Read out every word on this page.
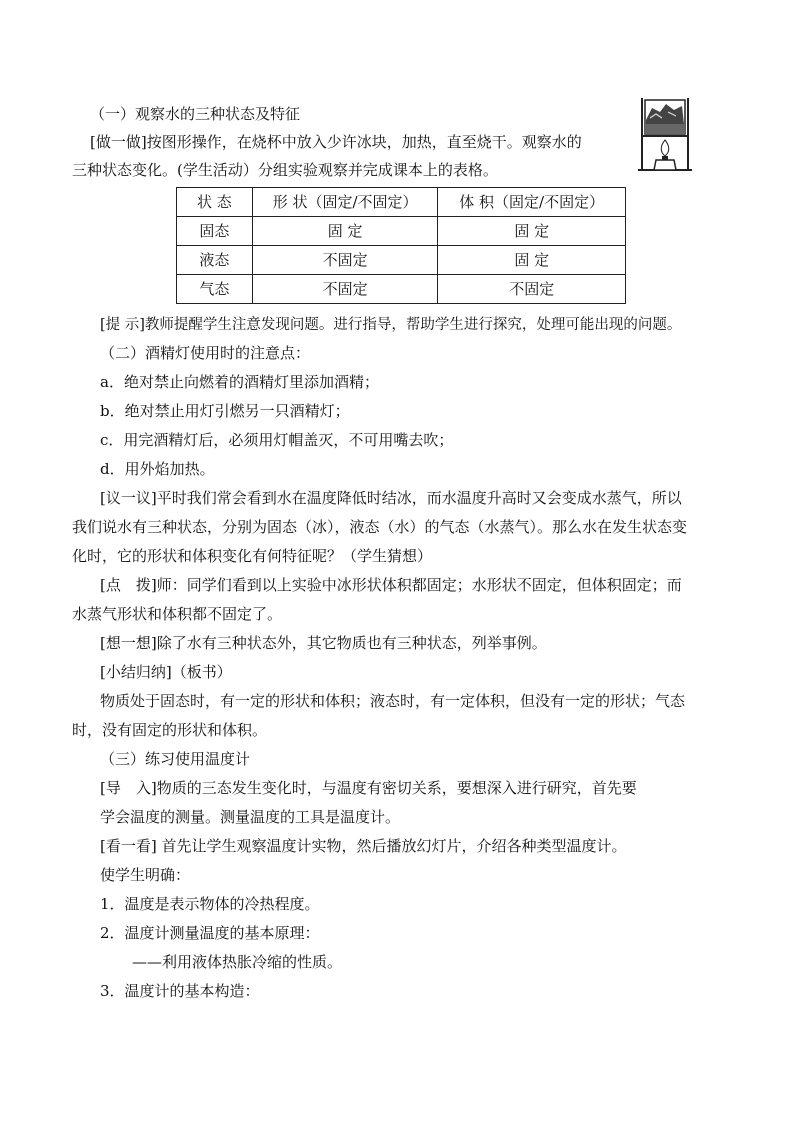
（一）观察水的三种状态及特征
[做一做]按图形操作，在烧杯中放入少许冰块，加热，直至烧干。观察水的
三种状态变化。(学生活动）分组实验观察并完成课本上的表格。
状 态	形 状（固定/不固定）	体 积（固定/不固定）
固态	固 定	固 定
液态	不固定	固 定
气态	不固定	不固定
[提 示]教师提醒学生注意发现问题。进行指导，帮助学生进行探究，处理可能出现的问题。
（二）酒精灯使用时的注意点：
a．绝对禁止向燃着的酒精灯里添加酒精；
b．绝对禁止用灯引燃另一只酒精灯；
c．用完酒精灯后，必须用灯帽盖灭，不可用嘴去吹；
d．用外焰加热。
[议一议]平时我们常会看到水在温度降低时结冰，而水温度升高时又会变成水蒸气，所以
我们说水有三种状态，分别为固态（冰），液态（水）的气态（水蒸气）。那么水在发生状态变
化时，它的形状和体积变化有何特征呢？（学生猜想）
[点　拨]师：同学们看到以上实验中冰形状体积都固定；水形状不固定，但体积固定；而
水蒸气形状和体积都不固定了。
[想一想]除了水有三种状态外，其它物质也有三种状态，列举事例。
[小结归纳]（板书）
物质处于固态时，有一定的形状和体积；液态时，有一定体积，但没有一定的形状；气态
时，没有固定的形状和体积。
（三）练习使用温度计
[导　入]物质的三态发生变化时，与温度有密切关系，要想深入进行研究，首先要
学会温度的测量。测量温度的工具是温度计。
[看一看] 首先让学生观察温度计实物，然后播放幻灯片，介绍各种类型温度计。
使学生明确：
1．温度是表示物体的冷热程度。
2．温度计测量温度的基本原理：
——利用液体热胀冷缩的性质。
3．温度计的基本构造：
